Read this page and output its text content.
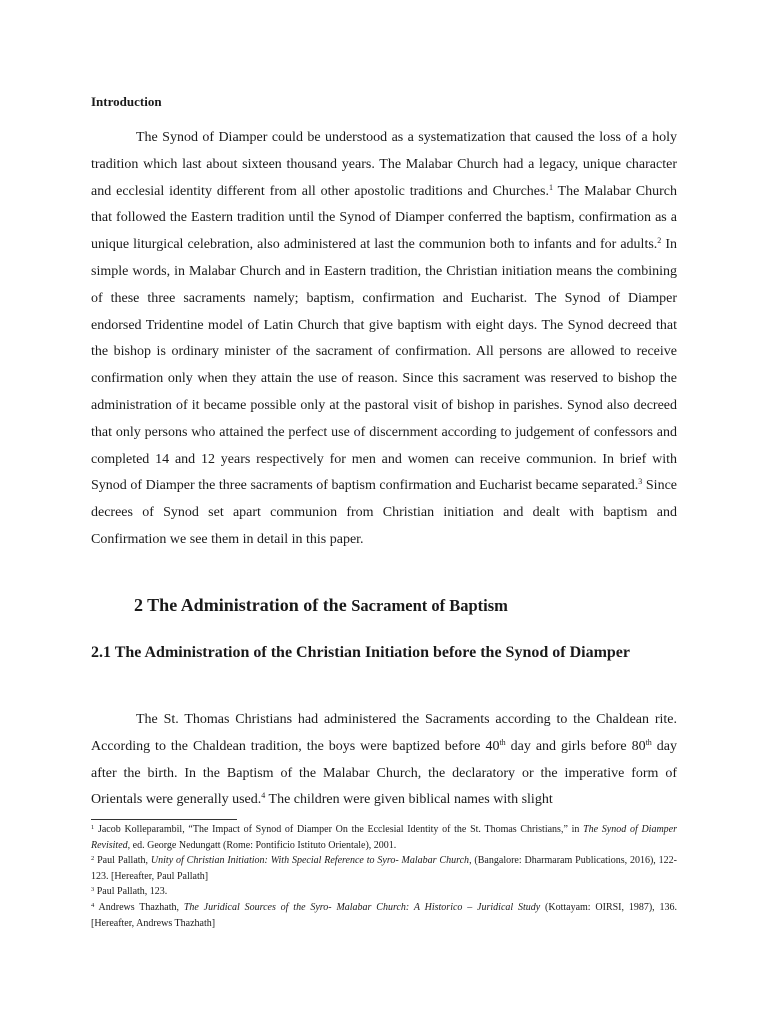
Introduction
The Synod of Diamper could be understood as a systematization that caused the loss of a holy tradition which last about sixteen thousand years. The Malabar Church had a legacy, unique character and ecclesial identity different from all other apostolic traditions and Churches.$^1$ The Malabar Church that followed the Eastern tradition until the Synod of Diamper conferred the baptism, confirmation as a unique liturgical celebration, also administered at last the communion both to infants and for adults.$^2$ In simple words, in Malabar Church and in Eastern tradition, the Christian initiation means the combining of these three sacraments namely; baptism, confirmation and Eucharist. The Synod of Diamper endorsed Tridentine model of Latin Church that give baptism with eight days. The Synod decreed that the bishop is ordinary minister of the sacrament of confirmation. All persons are allowed to receive confirmation only when they attain the use of reason. Since this sacrament was reserved to bishop the administration of it became possible only at the pastoral visit of bishop in parishes. Synod also decreed that only persons who attained the perfect use of discernment according to judgement of confessors and completed 14 and 12 years respectively for men and women can receive communion. In brief with Synod of Diamper the three sacraments of baptism confirmation and Eucharist became separated.$^3$ Since decrees of Synod set apart communion from Christian initiation and dealt with baptism and Confirmation we see them in detail in this paper.
2 The Administration of the Sacrament of Baptism
2.1 The Administration of the Christian Initiation before the Synod of Diamper
The St. Thomas Christians had administered the Sacraments according to the Chaldean rite. According to the Chaldean tradition, the boys were baptized before 40th day and girls before 80th day after the birth. In the Baptism of the Malabar Church, the declaratory or the imperative form of Orientals were generally used.$^4$ The children were given biblical names with slight

$^1$ Jacob Kolleparambil, “The Impact of Synod of Diamper On the Ecclesial Identity of the St. Thomas Christians,” in The Synod of Diamper Revisited, ed. George Nedungatt (Rome: Pontificio Istituto Orientale), 2001.

$^2$ Paul Pallath, Unity of Christian Initiation: With Special Reference to Syro- Malabar Church, (Bangalore: Dharmaram Publications, 2016), 122-123. [Hereafter, Paul Pallath]

$^3$ Paul Pallath, 123.

$^4$ Andrews Thazhath, The Juridical Sources of the Syro- Malabar Church: A Historico – Juridical Study (Kottayam: OIRSI, 1987), 136. [Hereafter, Andrews Thazhath]
